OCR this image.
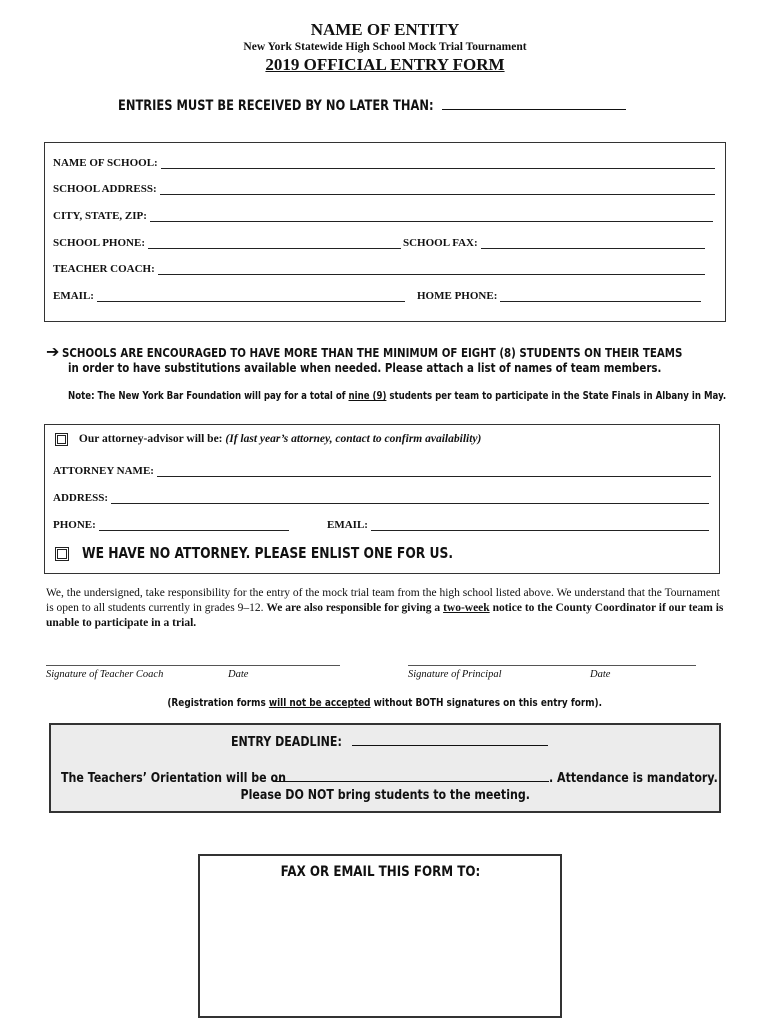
NAME OF ENTITY
New York Statewide High School Mock Trial Tournament
2019 OFFICIAL ENTRY FORM
ENTRIES MUST BE RECEIVED BY NO LATER THAN:
NAME OF SCHOOL:
SCHOOL ADDRESS:
CITY, STATE, ZIP:
SCHOOL PHONE:	SCHOOL FAX:
TEACHER COACH:
EMAIL:	HOME PHONE:
➔ SCHOOLS ARE ENCOURAGED TO HAVE MORE THAN THE MINIMUM OF EIGHT (8) STUDENTS ON THEIR TEAMS
in order to have substitutions available when needed. Please attach a list of names of team members.
Note: The New York Bar Foundation will pay for a total of nine (9) students per team to participate in the State Finals in Albany in May.
Our attorney-advisor will be: (If last year’s attorney, contact to confirm availability)
ATTORNEY NAME:
ADDRESS:
PHONE:	EMAIL:
WE HAVE NO ATTORNEY. PLEASE ENLIST ONE FOR US.
We, the undersigned, take responsibility for the entry of the mock trial team from the high school listed above. We understand that the Tournament is open to all students currently in grades 9–12. We are also responsible for giving a two-week notice to the County Coordinator if our team is unable to participate in a trial.
Signature of Teacher Coach	Date	Signature of Principal	Date
(Registration forms will not be accepted without BOTH signatures on this entry form).
ENTRY DEADLINE:
The Teachers’ Orientation will be on	. Attendance is mandatory.
Please DO NOT bring students to the meeting.
FAX OR EMAIL THIS FORM TO:
